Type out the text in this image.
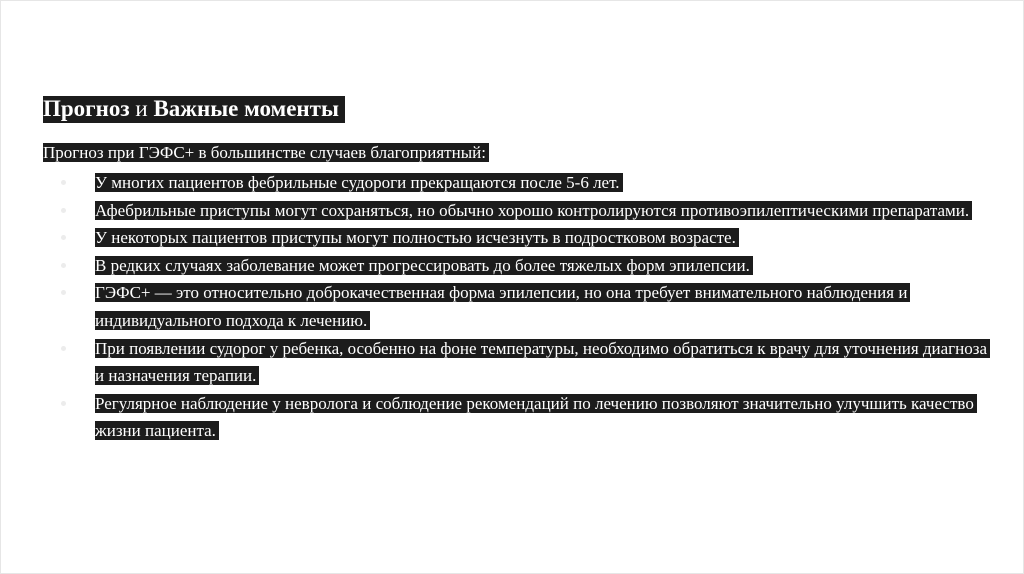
Прогноз и Важные моменты

Прогноз при ГЭФС+ в большинстве случаев благоприятный:

У многих пациентов фебрильные судороги прекращаются после 5-6 лет.
Афебрильные приступы могут сохраняться, но обычно хорошо контролируются противоэпилептическими препаратами.
У некоторых пациентов приступы могут полностью исчезнуть в подростковом возрасте.
В редких случаях заболевание может прогрессировать до более тяжелых форм эпилепсии.
ГЭФС+ — это относительно доброкачественная форма эпилепсии, но она требует внимательного наблюдения и индивидуального подхода к лечению.
При появлении судорог у ребенка, особенно на фоне температуры, необходимо обратиться к врачу для уточнения диагноза и назначения терапии.
Регулярное наблюдение у невролога и соблюдение рекомендаций по лечению позволяют значительно улучшить качество жизни пациента.
